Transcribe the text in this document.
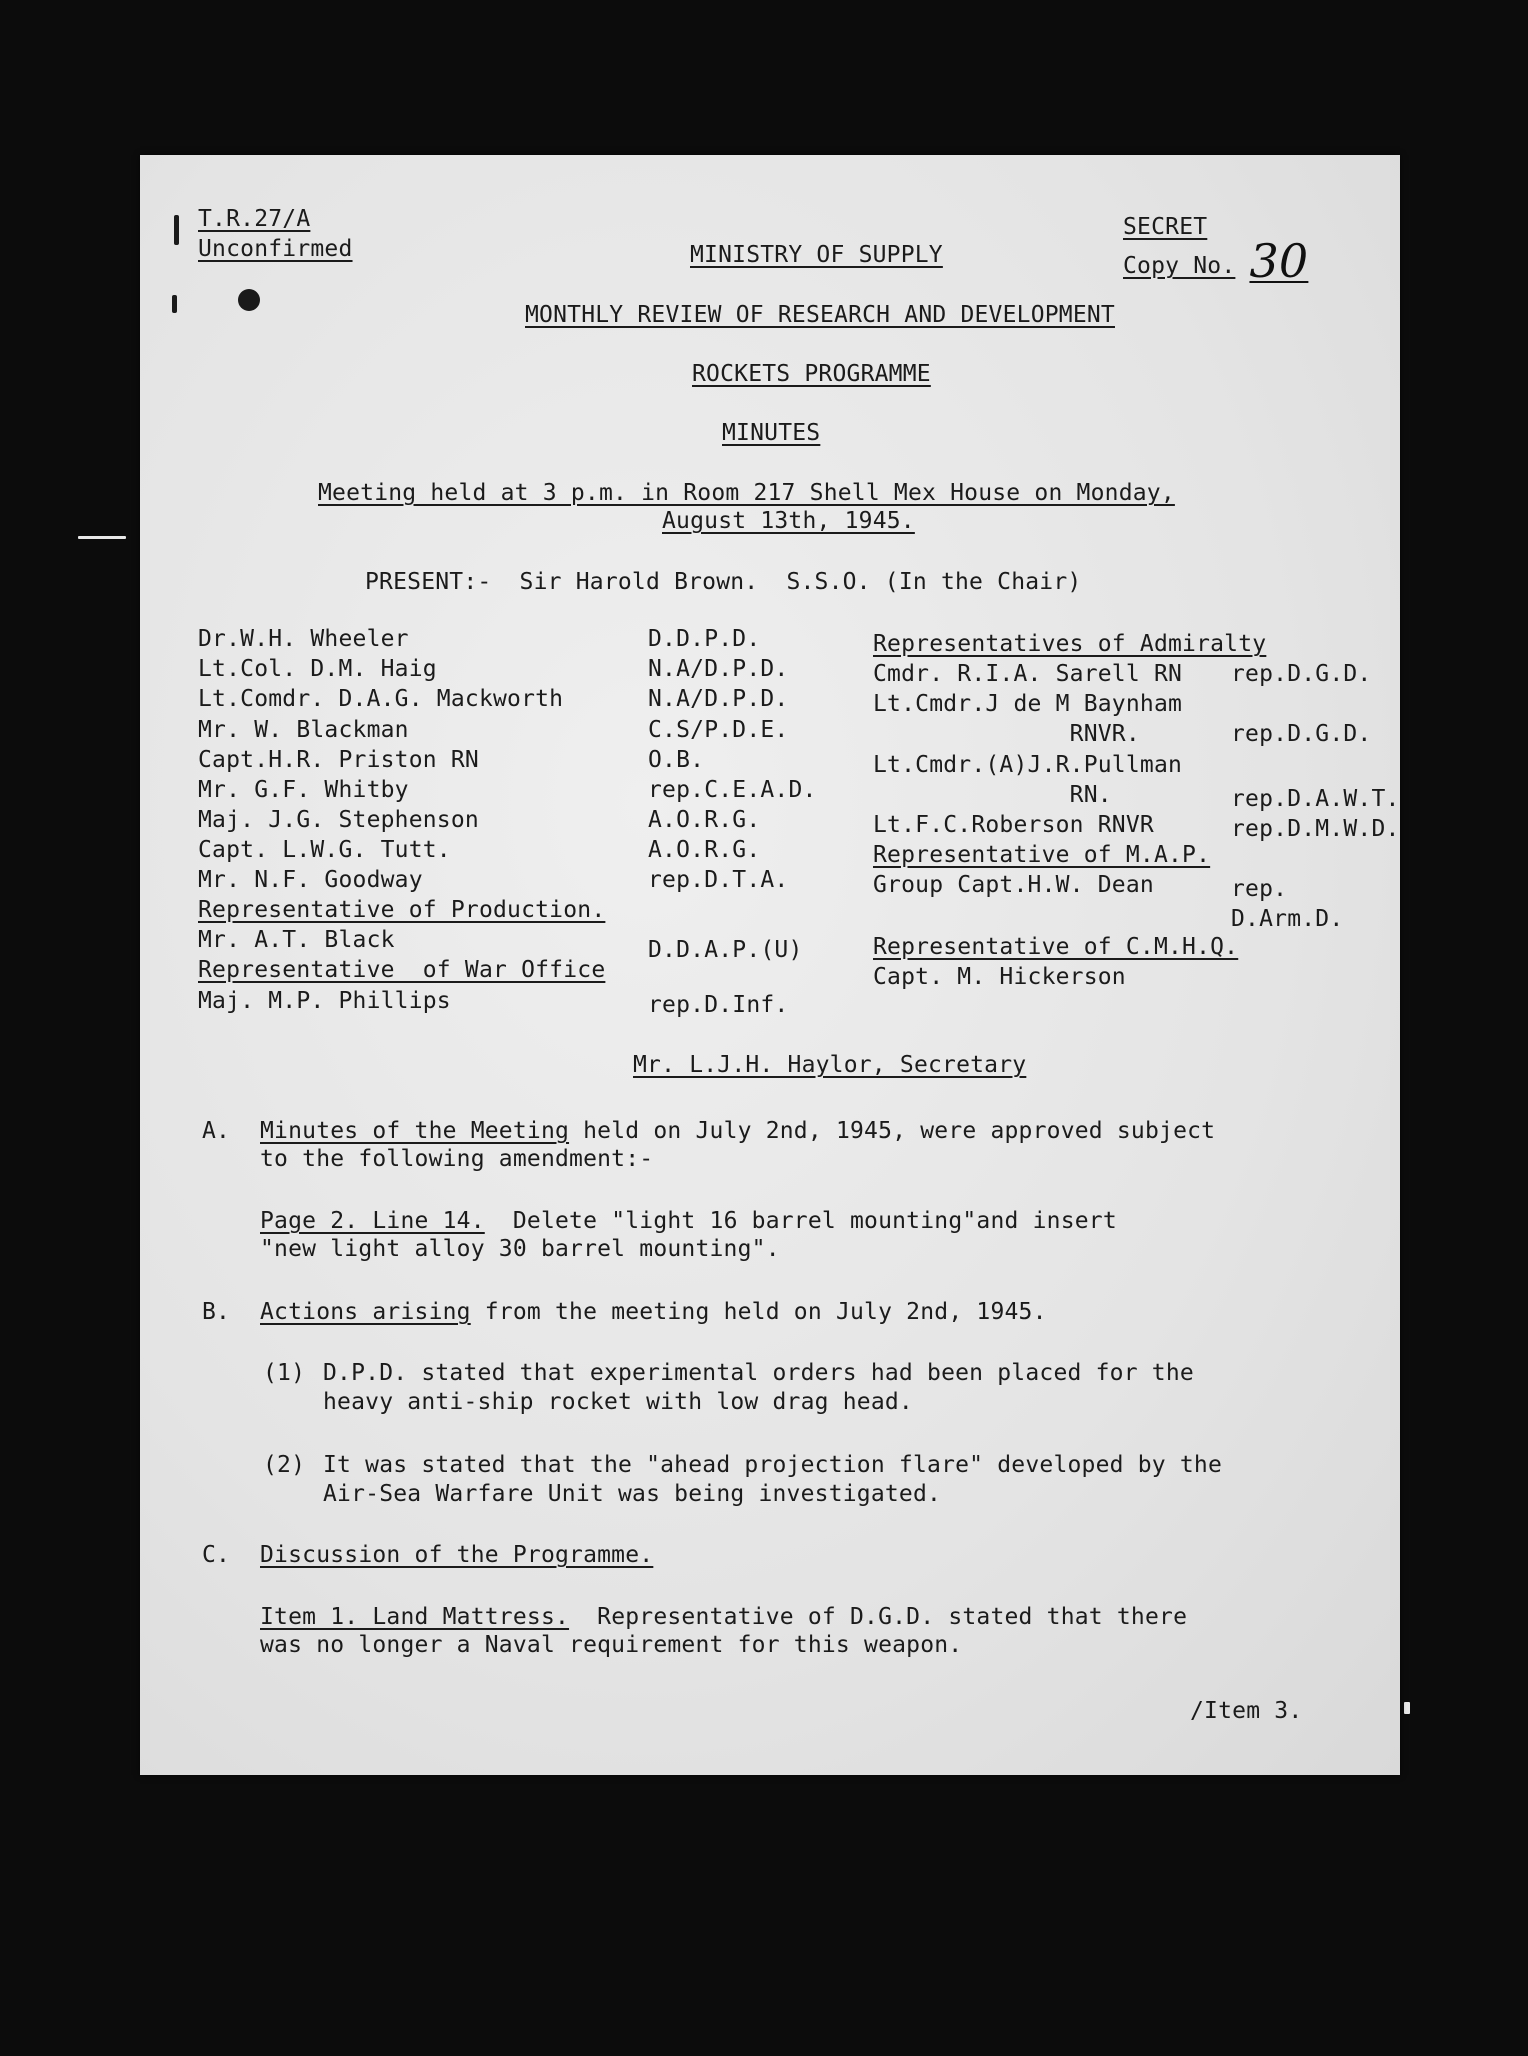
T.R.27/A
Unconfirmed	MINISTRY OF SUPPLY
SECRET
Copy No. 30
MONTHLY REVIEW OF RESEARCH AND DEVELOPMENT
ROCKETS PROGRAMME
MINUTES
Meeting held at 3 p.m. in Room 217 Shell Mex House on Monday,
August 13th, 1945.
PRESENT:- Sir Harold Brown.  S.S.O. (In the Chair)
Dr.W.H. Wheeler	D.D.P.D.
Lt.Col. D.M. Haig	N.A/D.P.D.
Lt.Comdr. D.A.G. Mackworth	N.A/D.P.D.
Mr. W. Blackman	C.S/P.D.E.
Capt.H.R. Priston RN	O.B.
Mr. G.F. Whitby	rep.C.E.A.D.
Maj. J.G. Stephenson	A.O.R.G.
Capt. L.W.G. Tutt.	A.O.R.G.
Mr. N.F. Goodway	rep.D.T.A.
Representative of Production.
Mr. A.T. Black	D.D.A.P.(U)
Representative  of War Office
Maj. M.P. Phillips	rep.D.Inf.
Representatives of Admiralty
Cmdr. R.I.A. Sarell RN rep.D.G.D.
Lt.Cmdr.J de M Baynham
RNVR.	rep.D.G.D.
Lt.Cmdr.(A)J.R.Pullman
RN.	rep.D.A.W.T.
Lt.F.C.Roberson RNVR	rep.D.M.W.D.
Representative of M.A.P.
Group Capt.H.W. Dean	rep.
D.Arm.D.
Representative of C.M.H.Q.
Capt. M. Hickerson
Mr. L.J.H. Haylor, Secretary
A. Minutes of the Meeting held on July 2nd, 1945, were approved subject
to the following amendment:-
Page 2. Line 14.  Delete "light 16 barrel mounting"and insert
"new light alloy 30 barrel mounting".
B. Actions arising from the meeting held on July 2nd, 1945.
(1) D.P.D. stated that experimental orders had been placed for the
heavy anti-ship rocket with low drag head.
(2) It was stated that the "ahead projection flare" developed by the
Air-Sea Warfare Unit was being investigated.
C. Discussion of the Programme.
Item 1. Land Mattress.  Representative of D.G.D. stated that there
was no longer a Naval requirement for this weapon.
/Item 3.
